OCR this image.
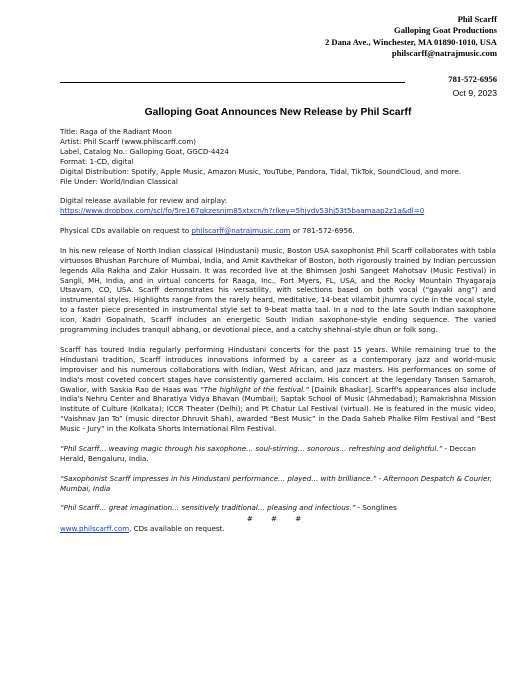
Phil Scarff
Galloping Goat Productions
2 Dana Ave., Winchester, MA 01890-1010, USA
philscarff@natrajmusic.com
781-572-6956
Oct 9, 2023
Galloping Goat Announces New Release by Phil Scarff
Title: Raga of the Radiant Moon
Artist: Phil Scarff (www.philscarff.com)
Label, Catalog No.: Galloping Goat, GGCD-4424
Format: 1-CD, digital
Digital Distribution: Spotify, Apple Music, Amazon Music, YouTube, Pandora, Tidal, TikTok, SoundCloud, and more.
File Under: World/Indian Classical

Digital release available for review and airplay:
https://www.dropbox.com/scl/fo/5re167qkzesnjm85xtxcn/h?rlkey=5hjydv53hj53t5baamaap2z1a&dl=0

Physical CDs available on request to philscarff@natrajmusic.com or 781-572-6956.

In his new release of North Indian classical (Hindustani) music, Boston USA saxophonist Phil Scarff collaborates with tabla virtuosos Bhushan Parchure of Mumbai, India, and Amit Kavthekar of Boston, both rigorously trained by Indian percussion legends Alla Rakha and Zakir Hussain. It was recorded live at the Bhimsen Joshi Sangeet Mahotsav (Music Festival) in Sangli, MH, India, and in virtual concerts for Raaga, Inc., Fort Myers, FL, USA, and the Rocky Mountain Thyagaraja Utsavam, CO, USA. Scarff demonstrates his versatility, with selections based on both vocal (“gayaki ang”) and instrumental styles. Highlights range from the rarely heard, meditative, 14-beat vilambit jhumra cycle in the vocal style, to a faster piece presented in instrumental style set to 9-beat matta taal. In a nod to the late South Indian saxophone icon, Kadri Gopalnath, Scarff includes an energetic South Indian saxophone-style ending sequence. The varied programming includes tranquil abhang, or devotional piece, and a catchy shehnai-style dhun or folk song.

Scarff has toured India regularly performing Hindustani concerts for the past 15 years. While remaining true to the Hindustani tradition, Scarff introduces innovations informed by a career as a contemporary jazz and world-music improviser and his numerous collaborations with Indian, West African, and jazz masters. His performances on some of India's most coveted concert stages have consistently garnered acclaim. His concert at the legendary Tansen Samaroh, Gwalior, with Saskia Rao de Haas was “The highlight of the festival.” [Dainik Bhaskar]. Scarff's appearances also include India's Nehru Center and Bharatiya Vidya Bhavan (Mumbai); Saptak School of Music (Ahmedabad); Ramakrishna Mission Institute of Culture (Kolkata); ICCR Theater (Delhi); and Pt Chatur Lal Festival (virtual). He is featured in the music video, “Vaishnav Jan To” (music director Dhruvit Shah), awarded “Best Music” in the Dada Saheb Phalke Film Festival and “Best Music - Jury” in the Kolkata Shorts International Film Festival.

“Phil Scarff… weaving magic through his saxophone… soul-stirring… sonorous… refreshing and delightful.” - Deccan Herald, Bengaluru, India.

“Saxophonist Scarff impresses in his Hindustani performance… played… with brilliance.” - Afternoon Despatch & Courier, Mumbai, India

“Phil Scarff… great imagination… sensitively traditional… pleasing and infectious.” - Songlines

# # #
www.philscarff.com, CDs available on request.
